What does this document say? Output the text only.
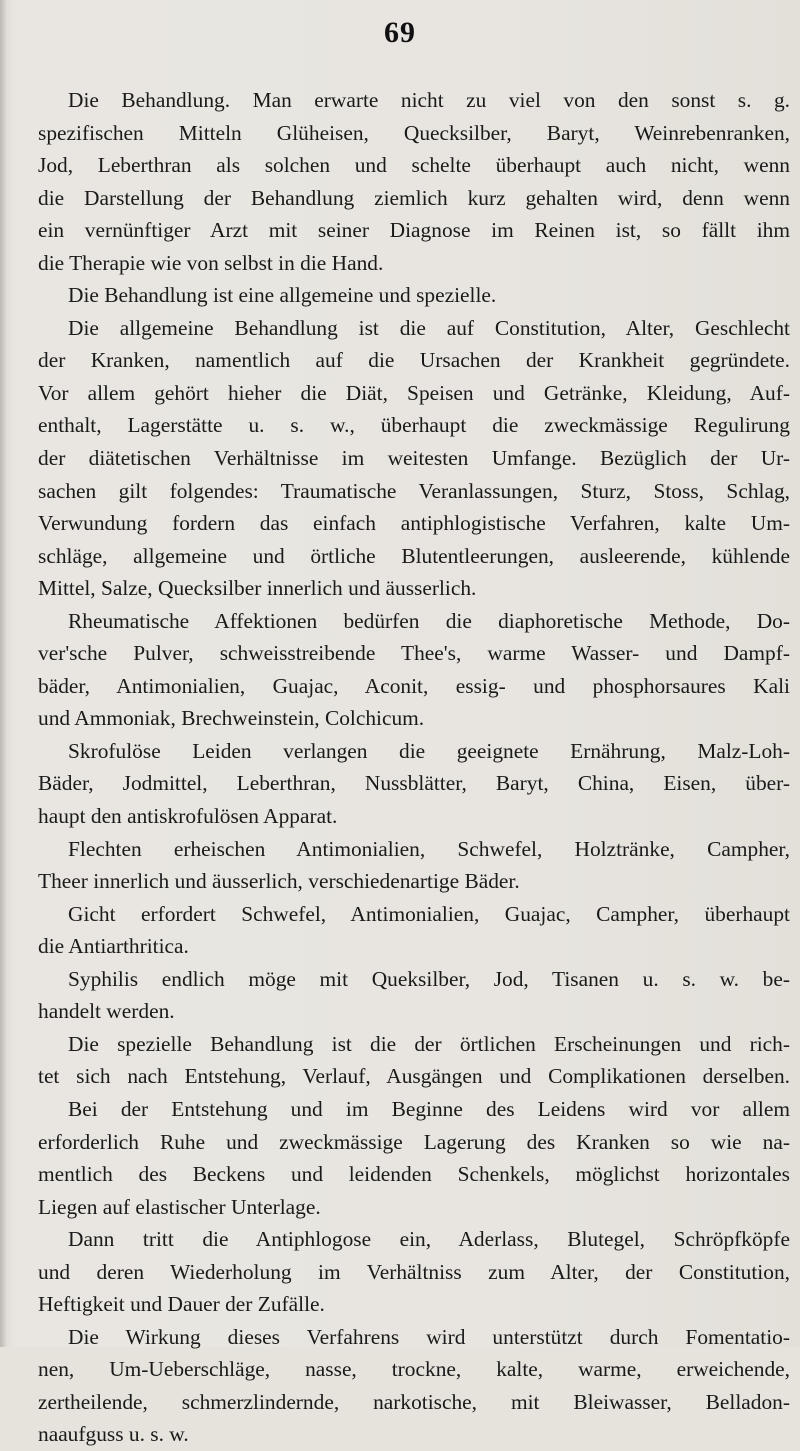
69
Die Behandlung. Man erwarte nicht zu viel von den sonst s. g.
spezifischen Mitteln Glüheisen, Quecksilber, Baryt, Weinrebenranken,
Jod, Leberthran als solchen und schelte überhaupt auch nicht, wenn
die Darstellung der Behandlung ziemlich kurz gehalten wird, denn wenn
ein vernünftiger Arzt mit seiner Diagnose im Reinen ist, so fällt ihm
die Therapie wie von selbst in die Hand.
Die Behandlung ist eine allgemeine und spezielle.
Die allgemeine Behandlung ist die auf Constitution, Alter, Geschlecht
der Kranken, namentlich auf die Ursachen der Krankheit gegründete.
Vor allem gehört hieher die Diät, Speisen und Getränke, Kleidung, Auf-
enthalt, Lagerstätte u. s. w., überhaupt die zweckmässige Regulirung
der diätetischen Verhältnisse im weitesten Umfange. Bezüglich der Ur-
sachen gilt folgendes: Traumatische Veranlassungen, Sturz, Stoss, Schlag,
Verwundung fordern das einfach antiphlogistische Verfahren, kalte Um-
schläge, allgemeine und örtliche Blutentleerungen, ausleerende, kühlende
Mittel, Salze, Quecksilber innerlich und äusserlich.
Rheumatische Affektionen bedürfen die diaphoretische Methode, Do-
ver'sche Pulver, schweisstreibende Thee's, warme Wasser- und Dampf-
bäder, Antimonialien, Guajac, Aconit, essig- und phosphorsaures Kali
und Ammoniak, Brechweinstein, Colchicum.
Skrofulöse Leiden verlangen die geeignete Ernährung, Malz-Loh-
Bäder, Jodmittel, Leberthran, Nussblätter, Baryt, China, Eisen, über-
haupt den antiskrofulösen Apparat.
Flechten erheischen Antimonialien, Schwefel, Holztränke, Campher,
Theer innerlich und äusserlich, verschiedenartige Bäder.
Gicht erfordert Schwefel, Antimonialien, Guajac, Campher, überhaupt
die Antiarthritica.
Syphilis endlich möge mit Queksilber, Jod, Tisanen u. s. w. be-
handelt werden.
Die spezielle Behandlung ist die der örtlichen Erscheinungen und rich-
tet sich nach Entstehung, Verlauf, Ausgängen und Complikationen derselben.
Bei der Entstehung und im Beginne des Leidens wird vor allem
erforderlich Ruhe und zweckmässige Lagerung des Kranken so wie na-
mentlich des Beckens und leidenden Schenkels, möglichst horizontales
Liegen auf elastischer Unterlage.
Dann tritt die Antiphlogose ein, Aderlass, Blutegel, Schröpfköpfe
und deren Wiederholung im Verhältniss zum Alter, der Constitution,
Heftigkeit und Dauer der Zufälle.
Die Wirkung dieses Verfahrens wird unterstützt durch Fomentatio-
nen, Um-Ueberschläge, nasse, trockne, kalte, warme, erweichende,
zertheilende, schmerzlindernde, narkotische, mit Bleiwasser, Belladon-
naaufguss u. s. w.
